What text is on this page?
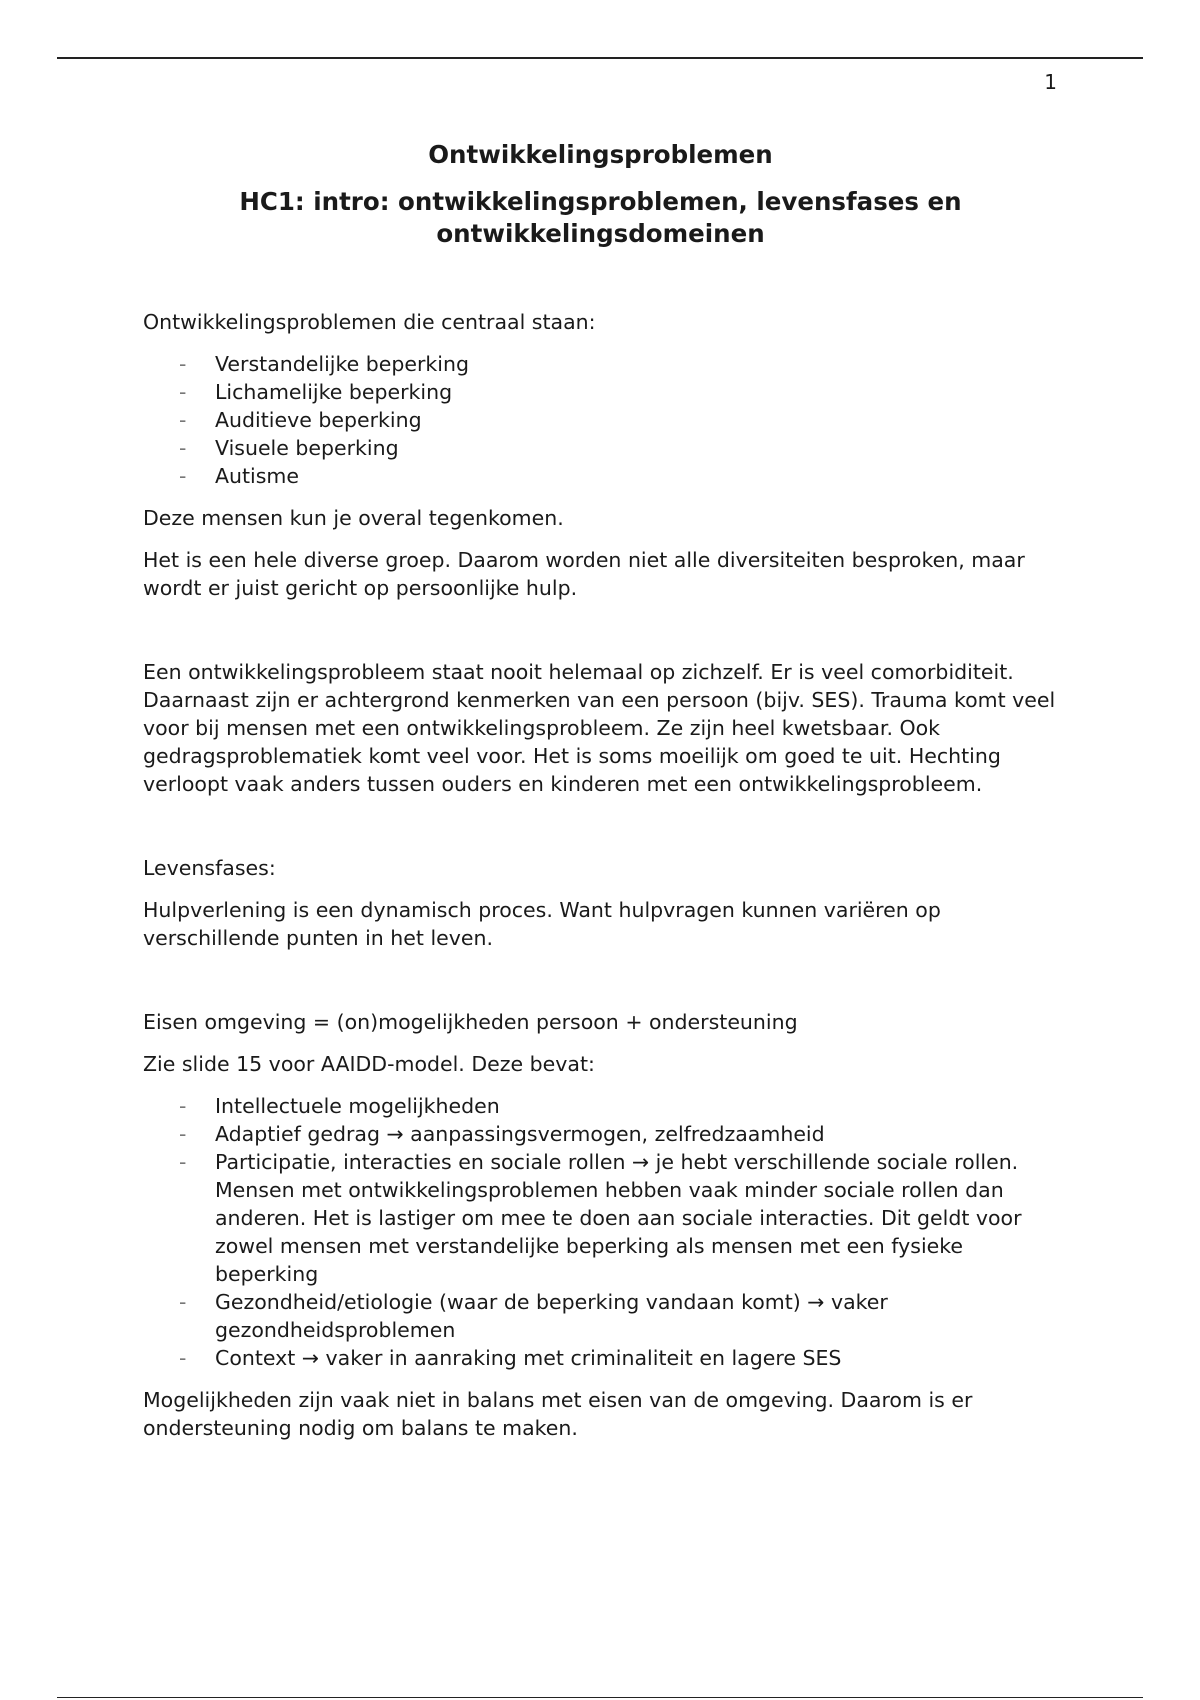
1
Ontwikkelingsproblemen
HC1: intro: ontwikkelingsproblemen, levensfases en ontwikkelingsdomeinen

Ontwikkelingsproblemen die centraal staan:

- Verstandelijke beperking
- Lichamelijke beperking
- Auditieve beperking
- Visuele beperking
- Autisme

Deze mensen kun je overal tegenkomen.

Het is een hele diverse groep. Daarom worden niet alle diversiteiten besproken, maar wordt er juist gericht op persoonlijke hulp.

Een ontwikkelingsprobleem staat nooit helemaal op zichzelf. Er is veel comorbiditeit. Daarnaast zijn er achtergrond kenmerken van een persoon (bijv. SES). Trauma komt veel voor bij mensen met een ontwikkelingsprobleem. Ze zijn heel kwetsbaar. Ook gedragsproblematiek komt veel voor. Het is soms moeilijk om goed te uit. Hechting verloopt vaak anders tussen ouders en kinderen met een ontwikkelingsprobleem.

Levensfases:

Hulpverlening is een dynamisch proces. Want hulpvragen kunnen variëren op verschillende punten in het leven.

Eisen omgeving = (on)mogelijkheden persoon + ondersteuning

Zie slide 15 voor AAIDD-model. Deze bevat:

- Intellectuele mogelijkheden
- Adaptief gedrag → aanpassingsvermogen, zelfredzaamheid
- Participatie, interacties en sociale rollen → je hebt verschillende sociale rollen. Mensen met ontwikkelingsproblemen hebben vaak minder sociale rollen dan anderen. Het is lastiger om mee te doen aan sociale interacties. Dit geldt voor zowel mensen met verstandelijke beperking als mensen met een fysieke beperking
- Gezondheid/etiologie (waar de beperking vandaan komt) → vaker gezondheidsproblemen
- Context → vaker in aanraking met criminaliteit en lagere SES

Mogelijkheden zijn vaak niet in balans met eisen van de omgeving. Daarom is er ondersteuning nodig om balans te maken.
